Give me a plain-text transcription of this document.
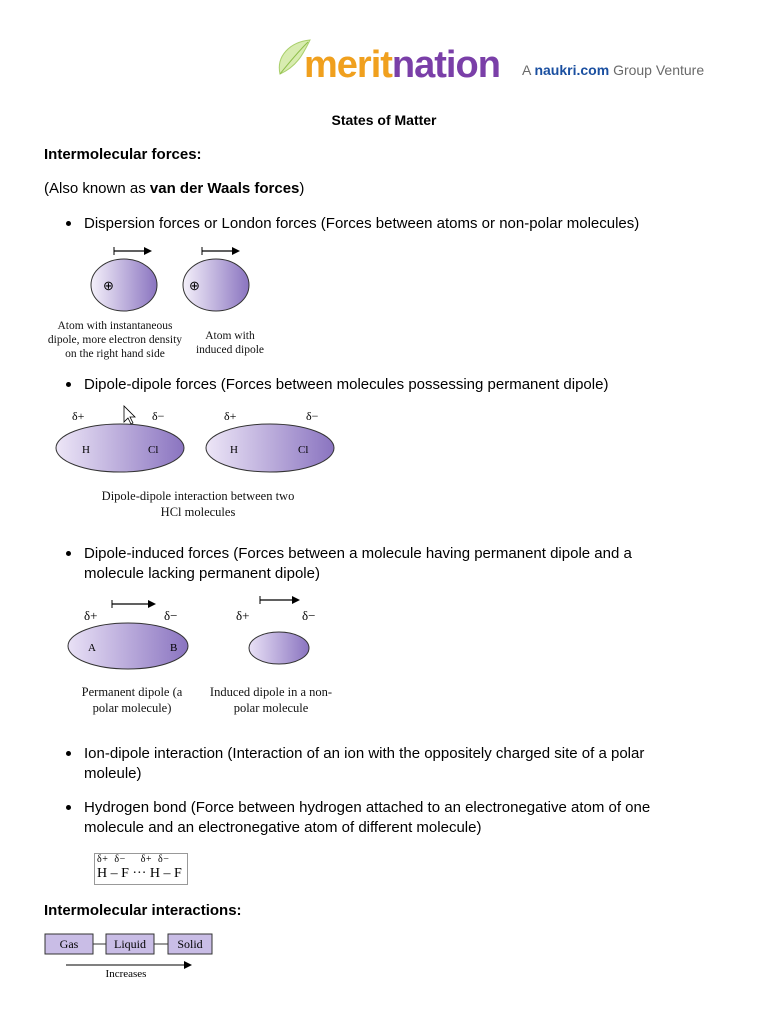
meritnation A naukri.com Group Venture
States of Matter
Intermolecular forces:
(Also known as van der Waals forces)
Dispersion forces or London forces (Forces between atoms or non-polar molecules)
⊕	⊕
Atom with instantaneous dipole, more electron density on the right hand side
Atom with induced dipole
Dipole-dipole forces (Forces between molecules possessing permanent dipole)
δ+	δ−
H	Cl
δ+	δ−
H	Cl
Dipole-dipole interaction between two HCl molecules
Dipole-induced forces (Forces between a molecule having permanent dipole and a molecule lacking permanent dipole)
δ+	δ−
A	B
δ+	δ−
Permanent dipole (a polar molecule)
Induced dipole in a non-polar molecule
Ion-dipole interaction (Interaction of an ion with the oppositely charged site of a polar moleule)
Hydrogen bond (Force between hydrogen attached to an electronegative atom of one molecule and an electronegative atom of different molecule)
δ+  δ−     δ+  δ−
H – F ··· H – F
Intermolecular interactions:
Gas	Liquid	Solid
Increases
